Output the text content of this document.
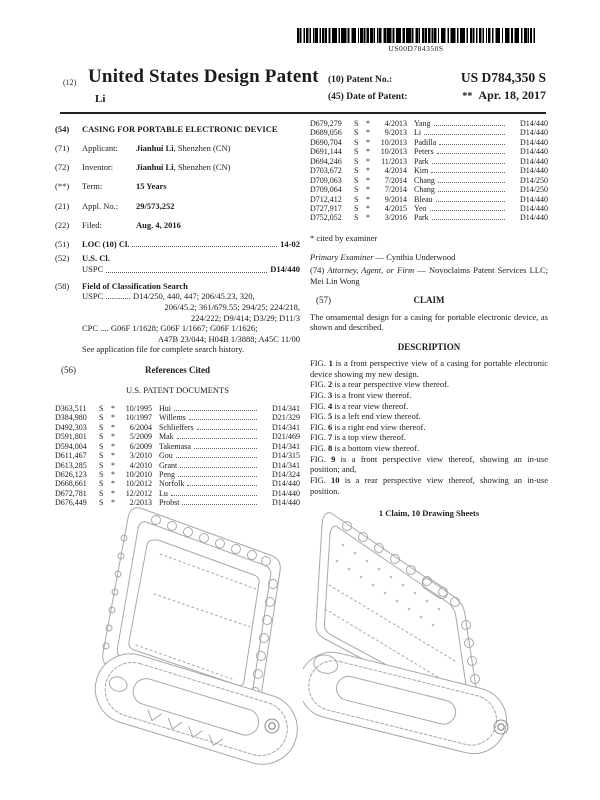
US00D784350S
(12) United States Design Patent
Li
(10) Patent No.:	US D784,350 S
(45) Date of Patent:	** Apr. 18, 2017
(54)	CASING FOR PORTABLE ELECTRONIC DEVICE
(71)	Applicant:	Jianhui Li, Shenzhen (CN)
(72)	Inventor:	Jianhui Li, Shenzhen (CN)
(**)	Term:	15 Years
(21)	Appl. No.:	29/573,252
(22)	Filed:	Aug. 4, 2016
(51)	LOC (10) Cl.	14-02
(52)	U.S. Cl.
USPC	D14/440
(58)	Field of Classification Search
USPC ............ D14/250, 440, 447; 206/45.23, 320,
206/45.2; 361/679.55; 294/25; 224/218,
224/222; D9/414; D3/29; D11/3
CPC .... G06F 1/1628; G06F 1/1667; G06F 1/1626;
A47B 23/044; H04B 1/3888; A45C 11/00
See application file for complete search history.
(56)	References Cited
U.S. PATENT DOCUMENTS
D363,511	S *	10/1995 Hui	D14/341
D384,980	S *	10/1997 Willems	D21/329
D492,303	S *	6/2004 Schlieffers	D14/341
D591,801	S *	5/2009 Mak	D21/469
D594,004	S *	6/2009 Takemasa	D14/341
D611,467	S *	3/2010 Gou	D14/315
D613,285	S *	4/2010 Grant	D14/341
D626,123	S *	10/2010 Peng	D14/324
D668,661	S *	10/2012 Norfolk	D14/440
D672,781	S *	12/2012 Lu	D14/440
D676,449	S *	2/2013 Probst	D14/440
D679,279	S *	4/2013 Yang	D14/440
D689,056	S *	9/2013 Li	D14/440
D690,704	S *	10/2013 Padilla	D14/440
D691,144	S *	10/2013 Peters	D14/440
D694,246	S *	11/2013 Park	D14/440
D703,672	S *	4/2014 Kim	D14/440
D709,063	S *	7/2014 Chang	D14/250
D709,064	S *	7/2014 Chang	D14/250
D712,412	S *	9/2014 Bleau	D14/440
D727,917	S *	4/2015 Yeo	D14/440
D752,052	S *	3/2016 Park	D14/440
* cited by examiner
Primary Examiner — Cynthia Underwood
(74) Attorney, Agent, or Firm — Novoclaims Patent Services LLC; Mei Lin Wong
(57)	CLAIM

The ornamental design for a casing for portable electronic device, as shown and described.

DESCRIPTION

FIG. 1 is a front perspective view of a casing for portable electronic device showing my new design.

FIG. 2 is a rear perspective view thereof.

FIG. 3 is a front view thereof.

FIG. 4 is a rear view thereof.

FIG. 5 is a left end view thereof.

FIG. 6 is a right end view thereof.

FIG. 7 is a top view thereof.

FIG. 8 is a bottom view thereof.

FIG. 9 is a front perspective view thereof, showing an in-use position; and,

FIG. 10 is a rear perspective view thereof, showing an in-use position.

1 Claim, 10 Drawing Sheets
